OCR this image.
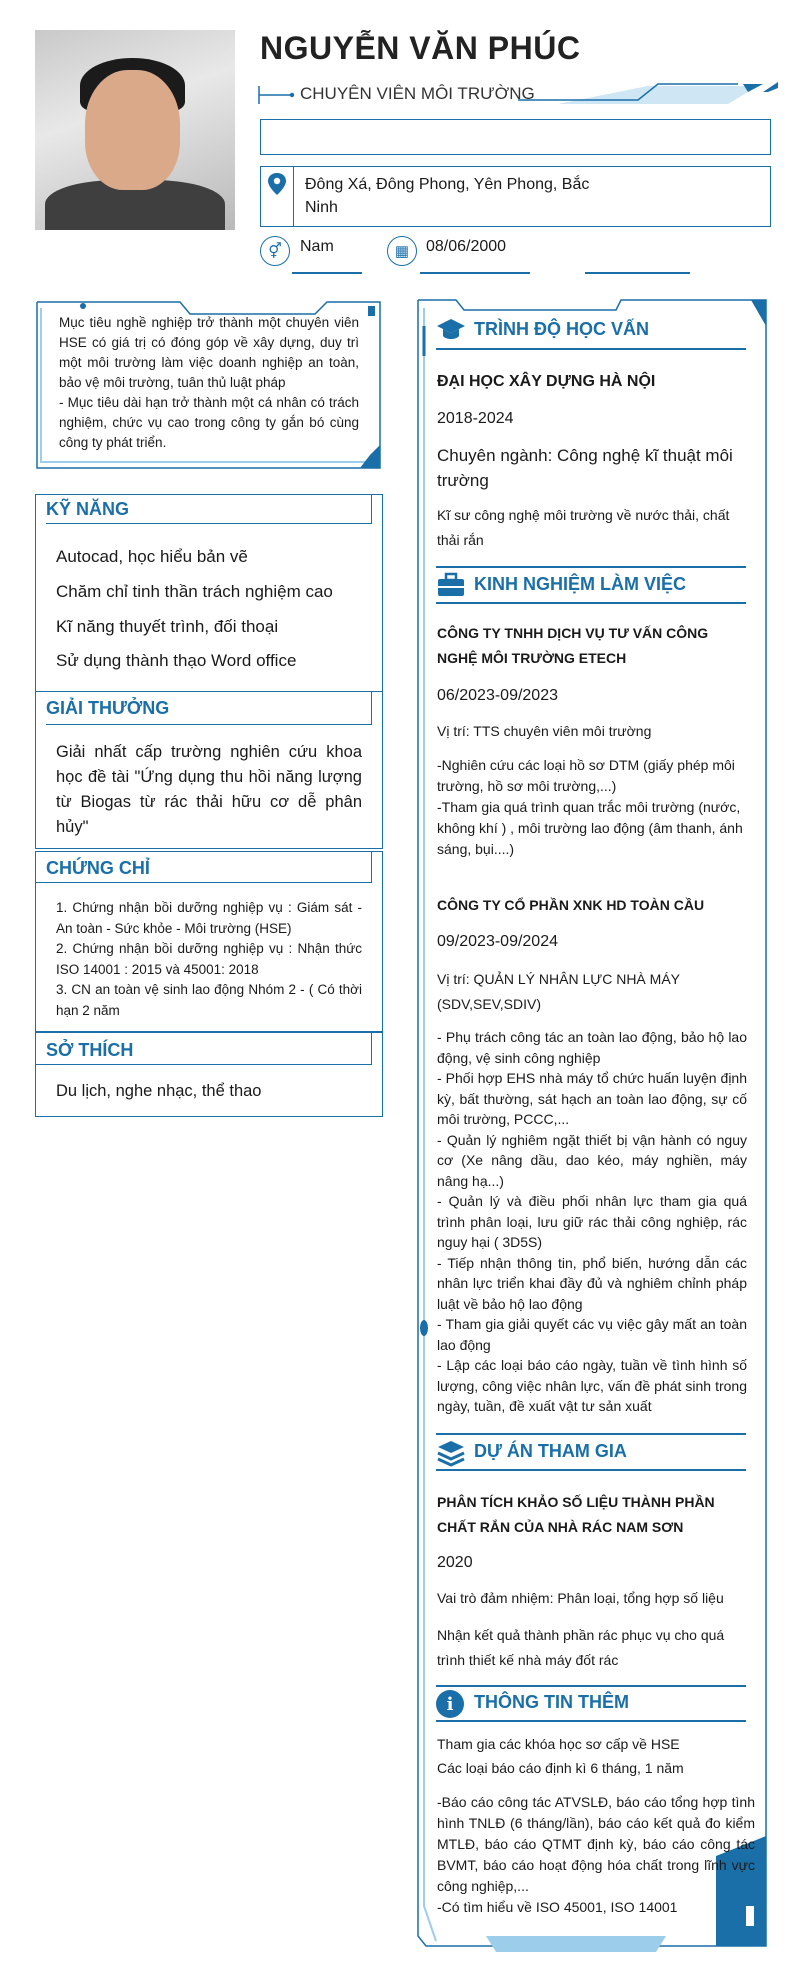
NGUYỄN VĂN PHÚC
CHUYÊN VIÊN MÔI TRƯỜNG
Đông Xá, Đông Phong, Yên Phong, Bắc Ninh
⚥	Nam	▦	08/06/2000
Mục tiêu nghề nghiệp trở thành một chuyên viên HSE có giá trị có đóng góp về xây dựng, duy trì một môi trường làm việc doanh nghiệp an toàn, bảo vệ môi trường, tuân thủ luật pháp
- Mục tiêu dài hạn trở thành một cá nhân có trách nghiệm, chức vụ cao trong công ty gắn bó cùng công ty phát triển.
KỸ NĂNG
Autocad, học hiểu bản vẽ
Chăm chỉ tinh thần trách nghiệm cao
Kĩ năng thuyết trình, đối thoại
Sử dụng thành thạo Word office
GIẢI THƯỞNG
Giải nhất cấp trường nghiên cứu khoa học đề tài "Ứng dụng thu hồi năng lượng từ Biogas từ rác thải hữu cơ dễ phân hủy"
CHỨNG CHỈ
1. Chứng nhận bồi dưỡng nghiệp vụ : Giám sát - An toàn - Sức khỏe - Môi trường (HSE)
2. Chứng nhận bồi dưỡng nghiệp vụ : Nhận thức ISO 14001 : 2015 và 45001: 2018
3. CN an toàn vệ sinh lao động Nhóm 2 - ( Có thời hạn 2 năm
SỞ THÍCH
Du lịch, nghe nhạc, thể thao
TRÌNH ĐỘ HỌC VẤN
ĐẠI HỌC XÂY DỰNG HÀ NỘI
2018-2024
Chuyên ngành: Công nghệ kĩ thuật môi trường
Kĩ sư công nghệ môi trường về nước thải, chất thải rắn
KINH NGHIỆM LÀM VIỆC
CÔNG TY TNHH DỊCH VỤ TƯ VẤN CÔNG NGHỆ MÔI TRƯỜNG ETECH
06/2023-09/2023
Vị trí: TTS chuyên viên môi trường
-Nghiên cứu các loại hồ sơ DTM (giấy phép môi trường, hồ sơ môi trường,...)
-Tham gia quá trình quan trắc môi trường (nước, không khí ) , môi trường lao động (âm thanh, ánh sáng, bụi....)
CÔNG TY CỔ PHẦN XNK HD TOÀN CẦU
09/2023-09/2024
Vị trí: QUẢN LÝ NHÂN LỰC NHÀ MÁY (SDV,SEV,SDIV)
- Phụ trách công tác an toàn lao động, bảo hộ lao động, vệ sinh công nghiệp
- Phối hợp EHS nhà máy tổ chức huấn luyện định kỳ, bất thường, sát hạch an toàn lao động, sự cố môi trường, PCCC,...
- Quản lý nghiêm ngặt thiết bị vận hành có nguy cơ (Xe nâng dầu, dao kéo, máy nghiền, máy nâng hạ...)
- Quản lý và điều phối nhân lực tham gia quá trình phân loại, lưu giữ rác thải công nghiệp, rác nguy hại ( 3D5S)
- Tiếp nhận thông tin, phổ biến, hướng dẫn các nhân lực triển khai đầy đủ và nghiêm chỉnh pháp luật về bảo hộ lao động
- Tham gia giải quyết các vụ việc gây mất an toàn lao động
- Lập các loại báo cáo ngày, tuần về tình hình số lượng, công việc nhân lực, vấn đề phát sinh trong ngày, tuần, đề xuất vật tư sản xuất
DỰ ÁN THAM GIA
PHÂN TÍCH KHẢO SỐ LIỆU THÀNH PHẦN CHẤT RẮN CỦA NHÀ RÁC NAM SƠN
2020
Vai trò đảm nhiệm: Phân loại, tổng hợp số liệu
Nhận kết quả thành phần rác phục vụ cho quá trình thiết kế nhà máy đốt rác
i	THÔNG TIN THÊM
Tham gia các khóa học sơ cấp về HSE
Các loại báo cáo định kì 6 tháng, 1 năm
-Báo cáo công tác ATVSLĐ, báo cáo tổng hợp tình hình TNLĐ (6 tháng/lần), báo cáo kết quả đo kiểm MTLĐ, báo cáo QTMT định kỳ, báo cáo công tác BVMT, báo cáo hoạt động hóa chất trong lĩnh vực công nghiệp,...
-Có tìm hiểu về ISO 45001, ISO 14001
